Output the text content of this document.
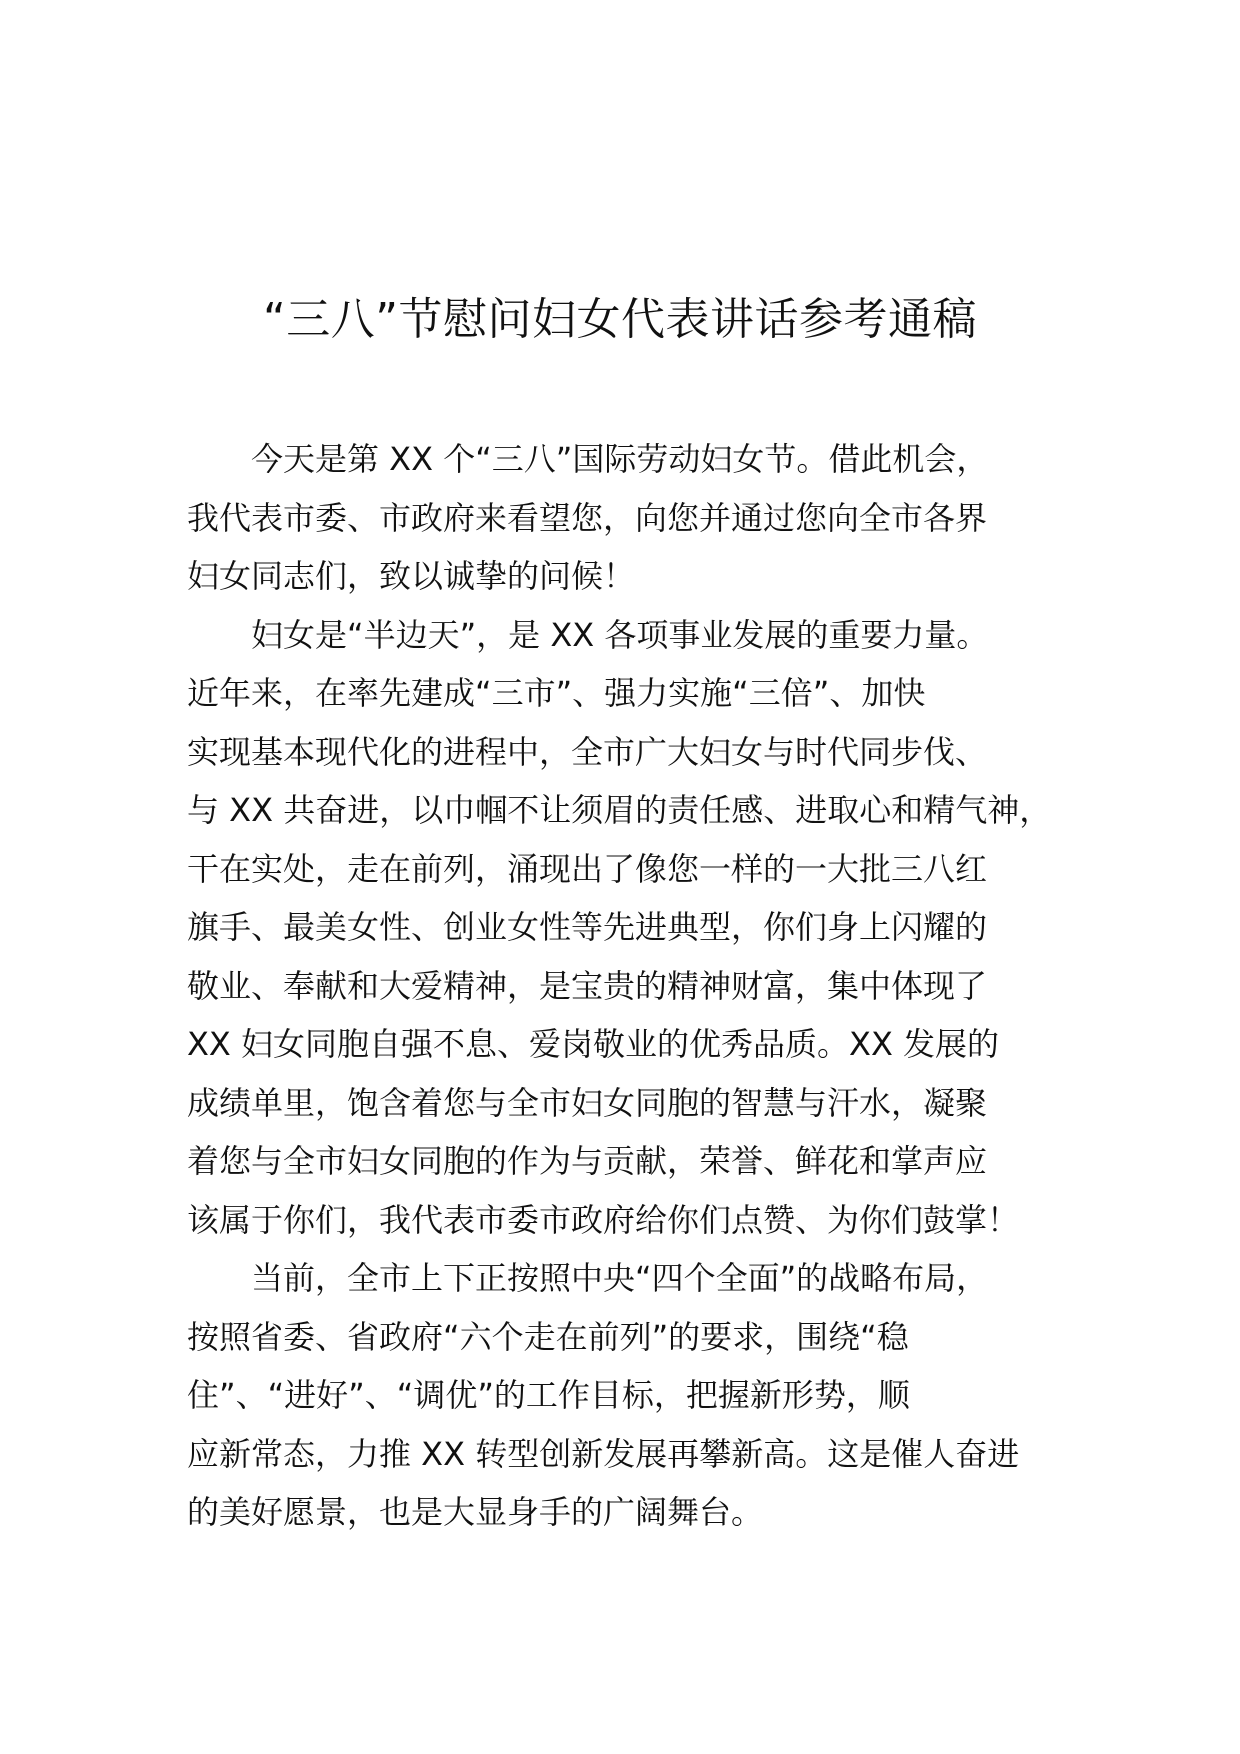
“三八”节慰问妇女代表讲话参考通稿
今天是第 XX 个“三八”国际劳动妇女节。借此机会，
我代表市委、市政府来看望您，向您并通过您向全市各界
妇女同志们，致以诚挚的问候！
妇女是“半边天”，是 XX 各项事业发展的重要力量。
近年来，在率先建成“三市”、强力实施“三倍”、加快
实现基本现代化的进程中，全市广大妇女与时代同步伐、
与 XX 共奋进，以巾帼不让须眉的责任感、进取心和精气神，
干在实处，走在前列，涌现出了像您一样的一大批三八红
旗手、最美女性、创业女性等先进典型，你们身上闪耀的
敬业、奉献和大爱精神，是宝贵的精神财富，集中体现了
XX 妇女同胞自强不息、爱岗敬业的优秀品质。XX 发展的
成绩单里，饱含着您与全市妇女同胞的智慧与汗水，凝聚
着您与全市妇女同胞的作为与贡献，荣誉、鲜花和掌声应
该属于你们，我代表市委市政府给你们点赞、为你们鼓掌！
当前，全市上下正按照中央“四个全面”的战略布局，
按照省委、省政府“六个走在前列”的要求，围绕“稳
住”、“进好”、“调优”的工作目标，把握新形势，顺
应新常态，力推 XX 转型创新发展再攀新高。这是催人奋进
的美好愿景，也是大显身手的广阔舞台。
